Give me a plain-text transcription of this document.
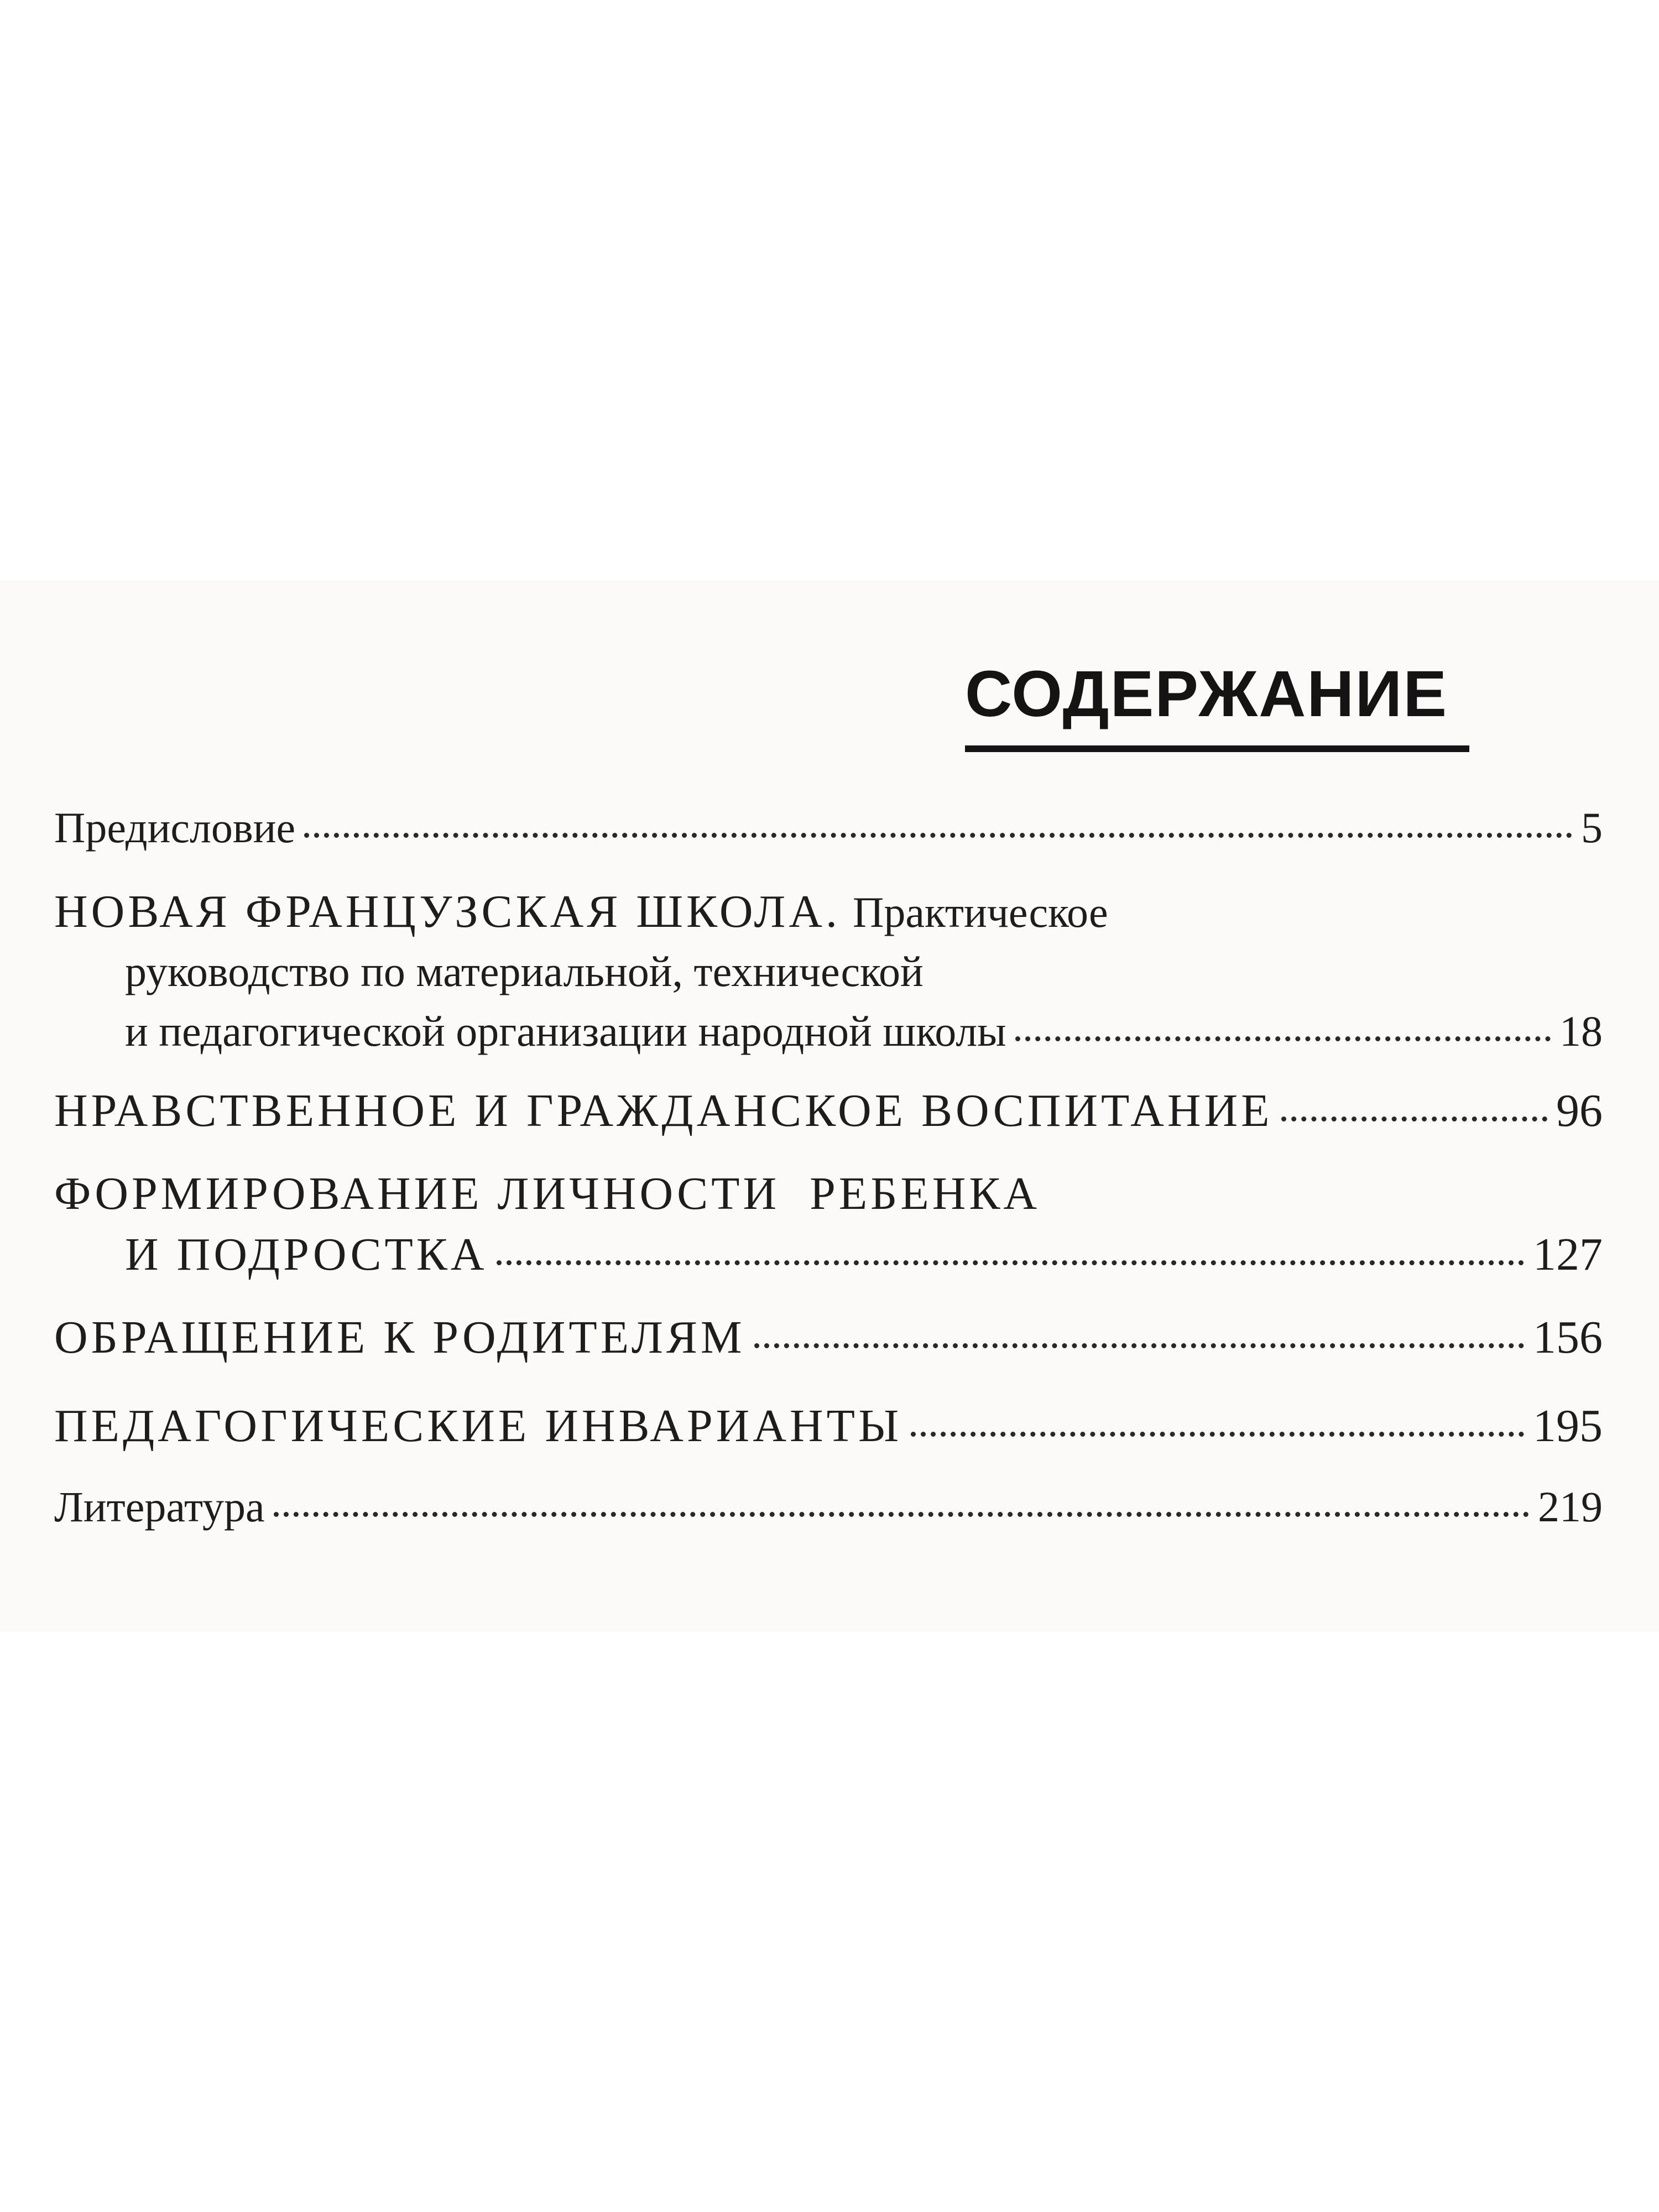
СОДЕРЖАНИЕ
Предисловие	5
НОВАЯ ФРАНЦУЗСКАЯ ШКОЛА. Практическое
руководство по материальной, технической
и педагогической организации народной школы	18
НРАВСТВЕННОЕ И ГРАЖДАНСКОЕ ВОСПИТАНИЕ	96
ФОРМИРОВАНИЕ ЛИЧНОСТИ  РЕБЕНКА
И ПОДРОСТКА	127
ОБРАЩЕНИЕ К РОДИТЕЛЯМ	156
ПЕДАГОГИЧЕСКИЕ ИНВАРИАНТЫ	195
Литература	219
